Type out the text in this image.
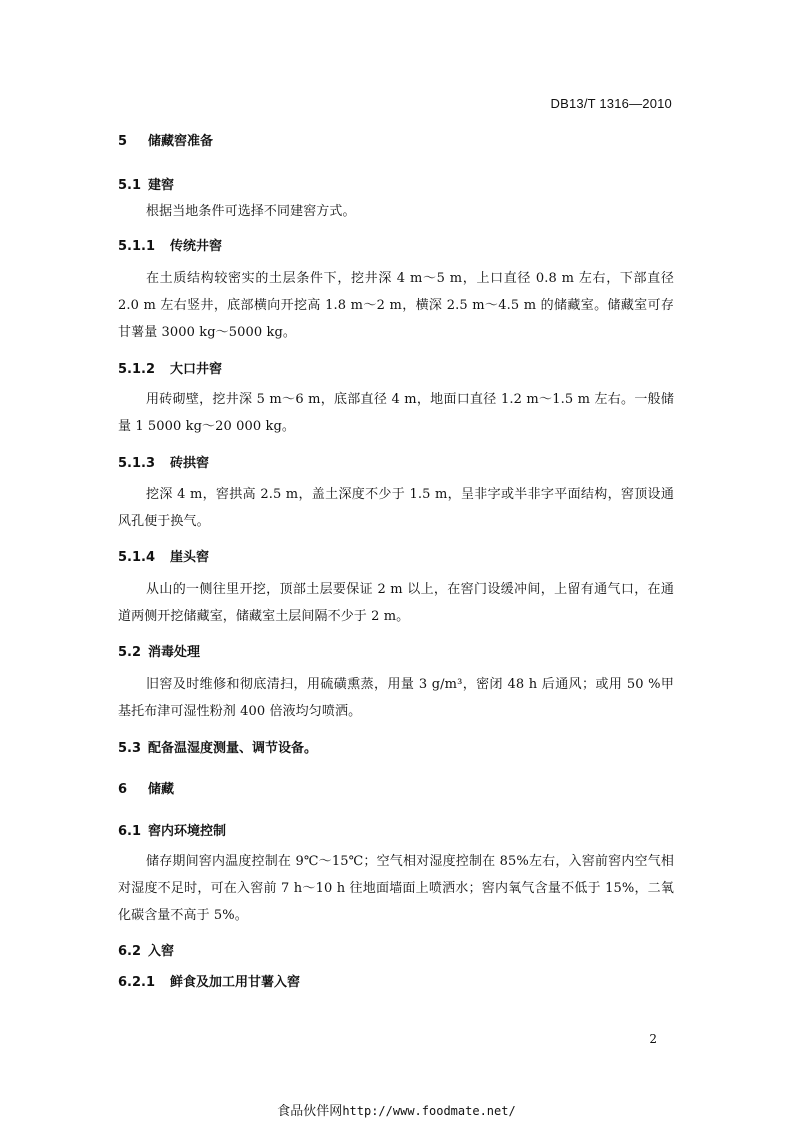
DB13/T 1316—2010
5 储藏窖准备
5.1 建窖

根据当地条件可选择不同建窖方式。

5.1.1 传统井窖

在土质结构较密实的土层条件下，挖井深 4 m～5 m，上口直径 0.8 m 左右，下部直径 2.0 m 左右竖井，底部横向开挖高 1.8 m～2 m，横深 2.5 m～4.5 m 的储藏室。储藏室可存甘薯量 3000 kg～5000 kg。

5.1.2 大口井窖

用砖砌壁，挖井深 5 m～6 m，底部直径 4 m，地面口直径 1.2 m～1.5 m 左右。一般储量 1 5000 kg～20 000 kg。

5.1.3 砖拱窖

挖深 4 m，窖拱高 2.5 m，盖土深度不少于 1.5 m，呈非字或半非字平面结构，窖顶设通风孔便于换气。

5.1.4 崖头窖

从山的一侧往里开挖，顶部土层要保证 2 m 以上，在窖门设缓冲间，上留有通气口，在通道两侧开挖储藏室，储藏室土层间隔不少于 2 m。

5.2 消毒处理

旧窖及时维修和彻底清扫，用硫磺熏蒸，用量 3 g/m³，密闭 48 h 后通风；或用 50 %甲基托布津可湿性粉剂 400 倍液均匀喷洒。

5.3 配备温湿度测量、调节设备。
6 储藏
6.1 窖内环境控制

储存期间窖内温度控制在 9℃～15℃；空气相对湿度控制在 85%左右，入窖前窖内空气相对湿度不足时，可在入窖前 7 h～10 h 往地面墙面上喷洒水；窖内氧气含量不低于 15%，二氧化碳含量不高于 5%。

6.2 入窖
6.2.1 鲜食及加工用甘薯入窖
2
食品伙伴网http://www.foodmate.net/
